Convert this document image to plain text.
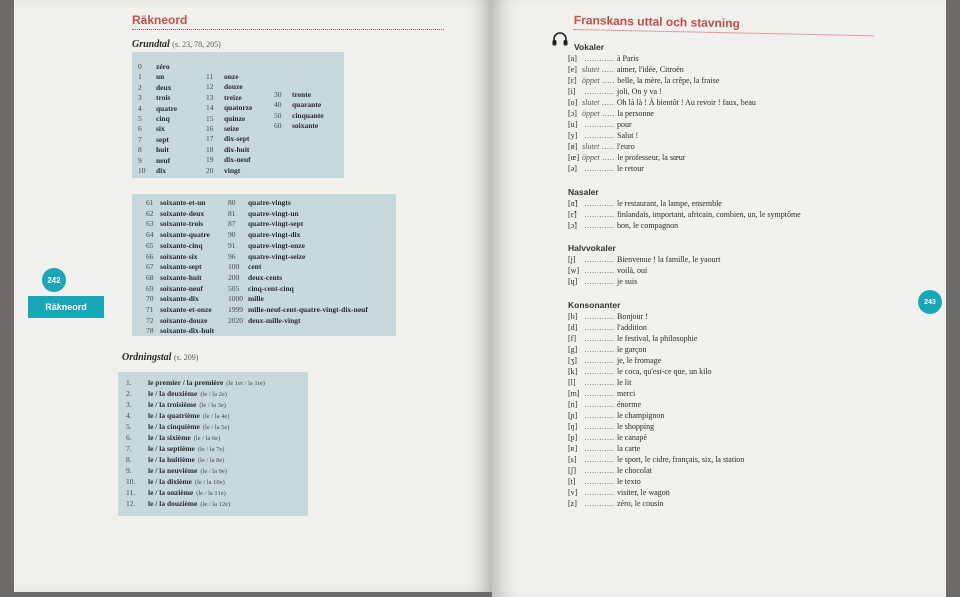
Räkneord
Grundtal (s. 23, 78, 205)
0 zéro
1 un
2 deux
3 trois
4 quatre
5 cinq
6 six
7 sept
8 huit
9 neuf
10 dix
11 onze
12 douze
13 treize
14 quatorze
15 quinze
16 seize
17 dix-sept
18 dix-huit
19 dix-neuf
20 vingt
30 trente
40 quarante
50 cinquante
60 soixante
61 soixante-et-un
62 soixante-deux
63 soixante-trois
64 soixante-quatre
65 soixante-cinq
66 soixante-six
67 soixante-sept
68 soixante-huit
69 soixante-neuf
70 soixante-dix
71 soixante-et-onze
72 soixante-douze
78 soixante-dix-huit
80 quatre-vingts
81 quatre-vingt-un
87 quatre-vingt-sept
90 quatre-vingt-dix
91 quatre-vingt-onze
96 quatre-vingt-seize
100 cent
200 deux-cents
505 cinq-cent-cinq
1000 mille
1999 mille-neuf-cent-quatre-vingt-dix-neuf
2020 deux-mille-vingt
Ordningstal (s. 209)
1. le premier / la première (le 1er / la 1re)
2. le / la deuxième (le / la 2e)
3. le / la troisième (le / la 3e)
4. le / la quatrième (le / la 4e)
5. le / la cinquième (le / la 5e)
6. le / la sixième (le / la 6e)
7. le / la septième (le / la 7e)
8. le / la huitième (le / la 8e)
9. le / la neuvième (le / la 9e)
10. le / la dixième (le / la 10e)
11. le / la onzième (le / la 11e)
12. le / la douzième (le / la 12e)
242
Räkneord
Franskans uttal och stavning
Vokaler
[a] ............ à Paris
[e] slutet ..... aimer, l'idée, Citroën
[ɛ] öppet ..... belle, la mère, la crêpe, la fraise
[i] ............ joli, On y va !
[o] slutet ..... Oh là là ! À bientôt ! Au revoir ! faux, beau
[ɔ] öppet ..... la personne
[u] ............ pour
[y] ............ Salut !
[ø] slutet ..... l'euro
[œ] öppet ..... le professeur, la sœur
[ə] ............ le retour
Nasaler
[ɑ̃] ............ le restaurant, la lampe, ensemble
[ɛ̃] ............ finlandais, important, africain, combien, un, le symptôme
[ɔ̃] ............ bon, le compagnon
Halvvokaler
[j] ............ Bienvenue ! la famille, le yaourt
[w] ............ voilà, oui
[ɥ] ............ je suis
Konsonanter
[b] ............ Bonjour !
[d] ............ l'addition
[f] ............ le festival, la philosophie
[g] ............ le garçon
[ʒ] ............ je, le fromage
[k] ............ le coca, qu'est-ce que, un kilo
[l] ............ le lit
[m] ............ merci
[n] ............ énorme
[ɲ] ............ le champignon
[ŋ] ............ le shopping
[p] ............ le canapé
[ʀ] ............ la carte
[s] ............ le sport, le cidre, français, six, la station
[ʃ] ............ le chocolat
[t] ............ le texto
[v] ............ visiter, le wagon
[z] ............ zéro, le cousin
243
